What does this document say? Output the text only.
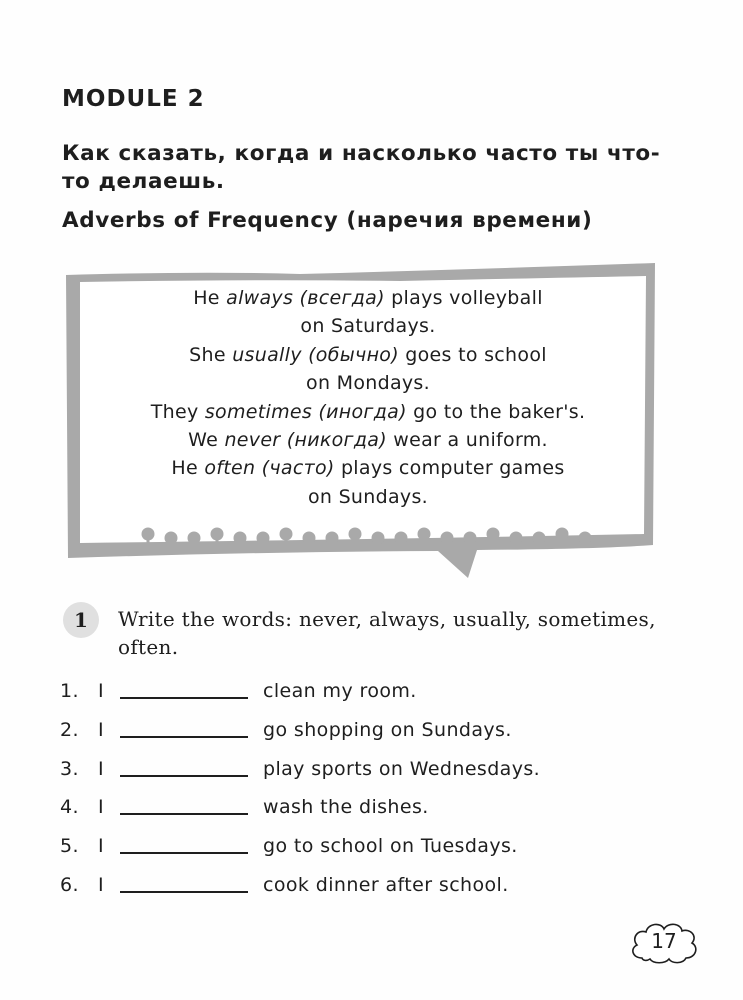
MODULE 2
Как сказать, когда и насколько часто ты что-то делаешь.
Adverbs of Frequency (наречия времени)
He always (всегда) plays volleyball
on Saturdays.
She usually (обычно) goes to school
on Mondays.
They sometimes (иногда) go to the baker's.
We never (никогда) wear a uniform.
He often (часто) plays computer games
on Sundays.
1	Write the words: never, always, usually, sometimes, often.
1. I	clean my room.
2. I	go shopping on Sundays.
3. I	play sports on Wednesdays.
4. I	wash the dishes.
5. I	go to school on Tuesdays.
6. I	cook dinner after school.
17
